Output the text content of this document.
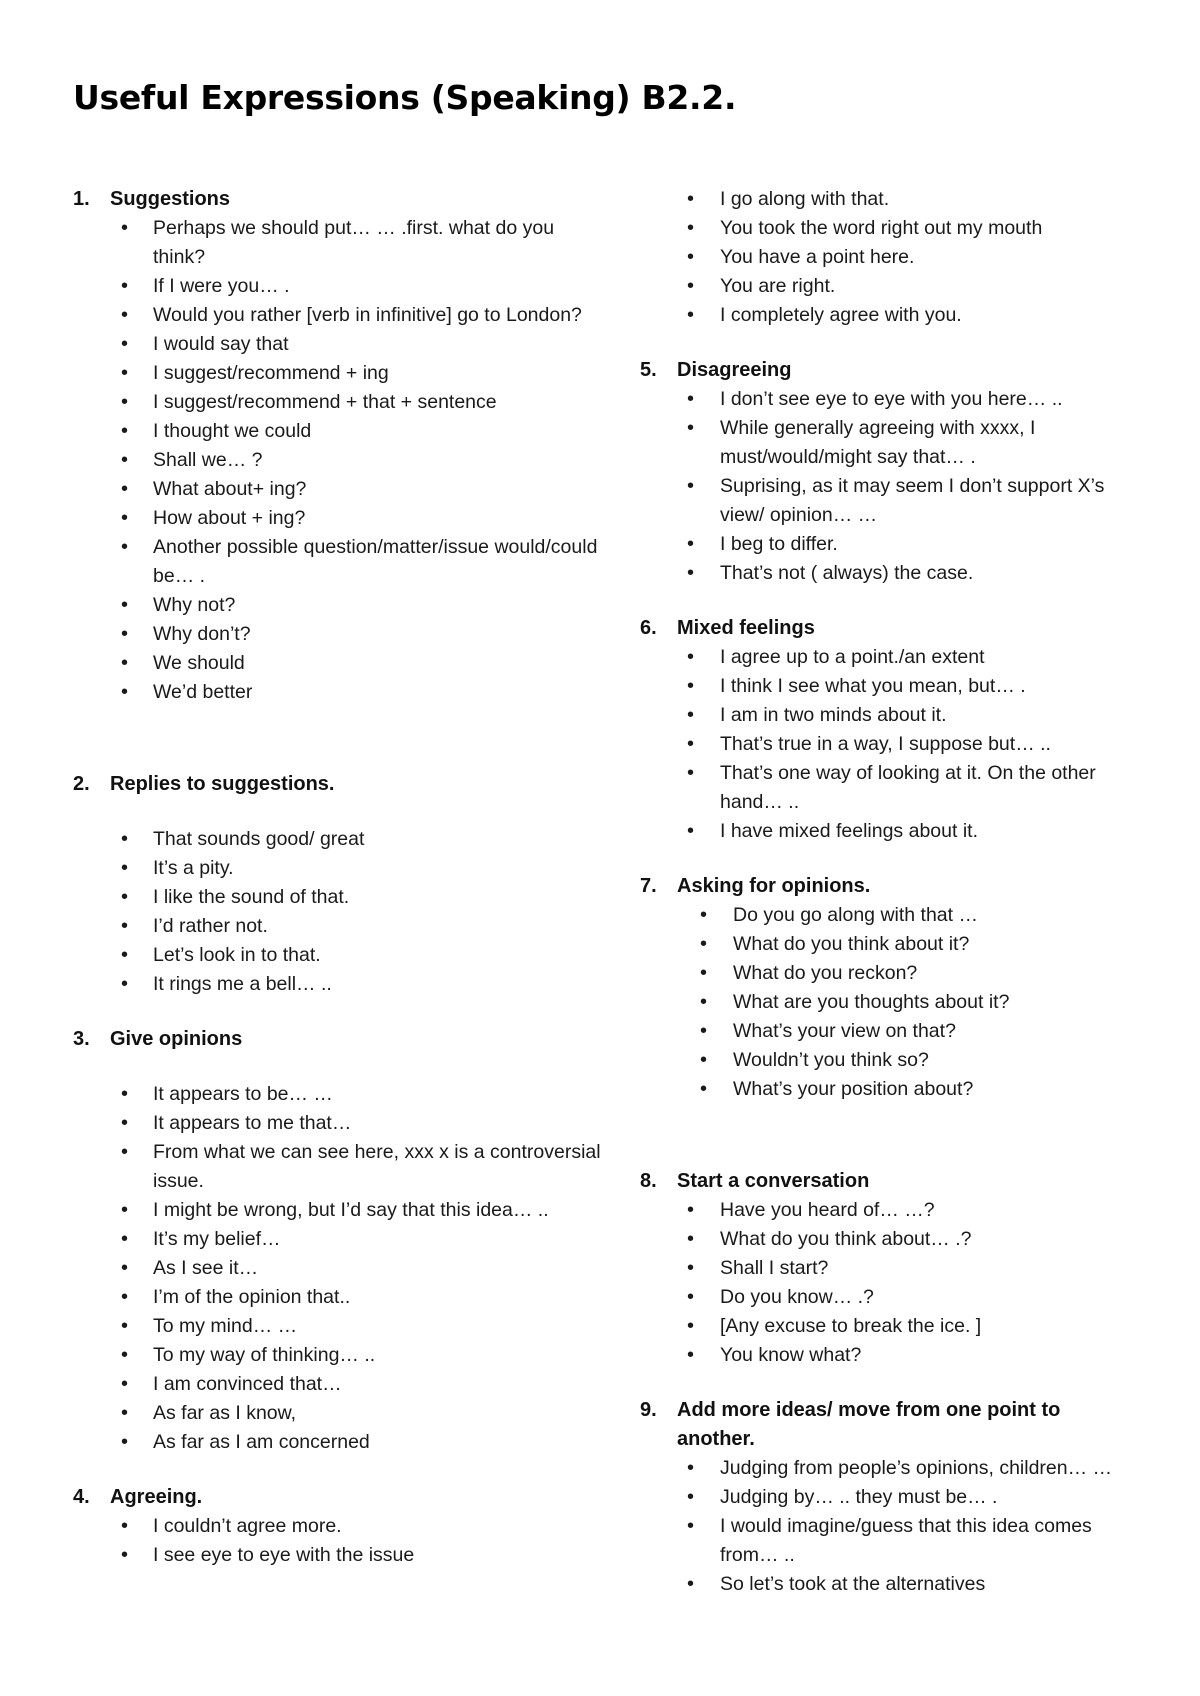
Useful Expressions (Speaking) B2.2.
1. Suggestions
• Perhaps we should put… … .first. what do you think?
• If I were you… .
• Would you rather [verb in infinitive] go to London?
• I would say that
• I suggest/recommend + ing
• I suggest/recommend + that + sentence
• I thought we could
• Shall we… ?
• What about+ ing?
• How about + ing?
• Another possible question/matter/issue would/could be… .
• Why not?
• Why don’t?
• We should
• We’d better
2. Replies to suggestions.
• That sounds good/ great
• It’s a pity.
• I like the sound of that.
• I’d rather not.
• Let’s look in to that.
• It rings me a bell… ..
3. Give opinions
• It appears to be… …
• It appears to me that…
• From what we can see here, xxx x is a controversial issue.
• I might be wrong, but I’d say that this idea… ..
• It’s my belief…
• As I see it…
• I’m of the opinion that..
• To my mind… …
• To my way of thinking… ..
• I am convinced that…
• As far as I know,
• As far as I am concerned
4. Agreeing.
• I couldn’t agree more.
• I see eye to eye with the issue
• I go along with that.
• You took the word right out my mouth
• You have a point here.
• You are right.
• I completely agree with you.
5. Disagreeing
• I don’t see eye to eye with you here… ..
• While generally agreeing with xxxx, I must/would/might say that… .
• Suprising, as it may seem I don’t support X’s view/ opinion… …
• I beg to differ.
• That’s not ( always) the case.
6. Mixed feelings
• I agree up to a point./an extent
• I think I see what you mean, but… .
• I am in two minds about it.
• That’s true in a way, I suppose but… ..
• That’s one way of looking at it. On the other hand… ..
• I have mixed feelings about it.
7. Asking for opinions.
• Do you go along with that …
• What do you think about it?
• What do you reckon?
• What are you thoughts about it?
• What’s your view on that?
• Wouldn’t you think so?
• What’s your position about?
8. Start a conversation
• Have you heard of… …?
• What do you think about… .?
• Shall I start?
• Do you know… .?
• [Any excuse to break the ice. ]
• You know what?
9. Add more ideas/ move from one point to another.
• Judging from people’s opinions, children… …
• Judging by… .. they must be… .
• I would imagine/guess that this idea comes from… ..
• So let’s took at the alternatives
